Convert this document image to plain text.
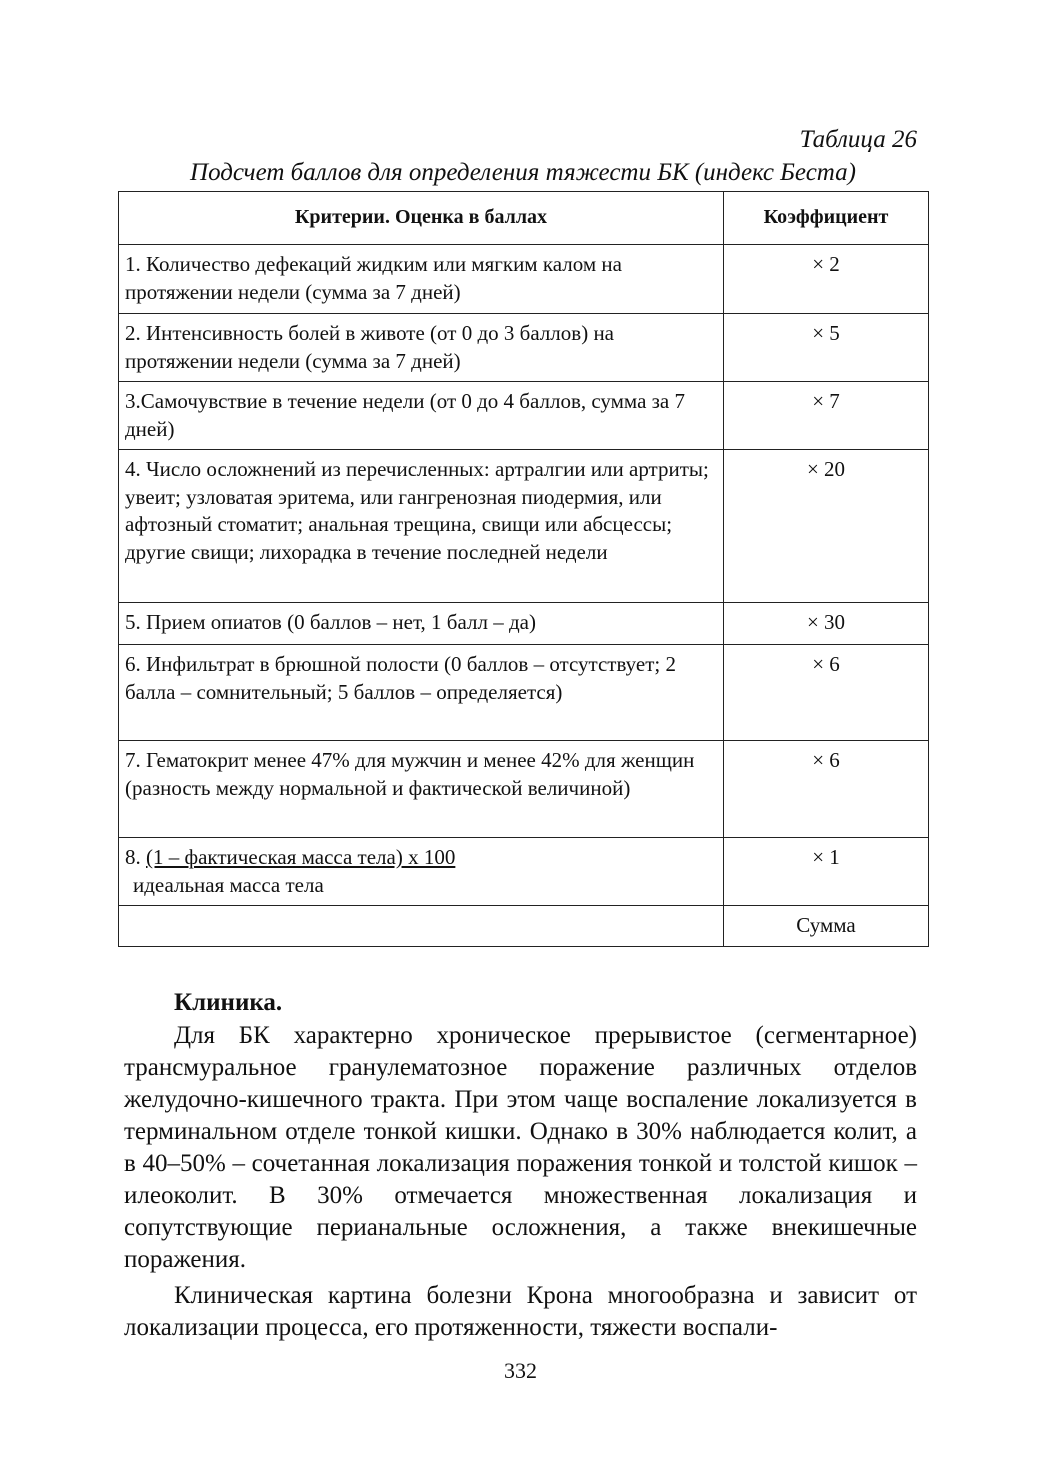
Таблица 26

Подсчет баллов для определения тяжести БК (индекс Беста)

Критерии. Оценка в баллах	Коэффициент
1. Количество дефекаций жидким или мягким калом на протяжении недели (сумма за 7 дней)	× 2
2. Интенсивность болей в животе (от 0 до 3 баллов) на протяжении недели (сумма за 7 дней)	× 5
3.Самочувствие в течение недели (от 0 до 4 баллов, сумма за 7 дней)	× 7
4. Число осложнений из перечисленных: артралгии или артриты; увеит; узловатая эритема, или гангренозная пиодермия, или афтозный стоматит; анальная трещина, свищи или абсцессы; другие свищи; лихорадка в течение последней недели	× 20
5. Прием опиатов (0 баллов – нет, 1 балл – да)	× 30
6. Инфильтрат в брюшной полости (0 баллов – отсутствует; 2 балла – сомнительный; 5 баллов – определяется)	× 6
7. Гематокрит менее 47% для мужчин и менее 42% для женщин (разность между нормальной и фактической величиной)	× 6
8. (1 – фактическая масса тела) x 100
идеальная масса тела	× 1
	Сумма

Клиника.

Для БК характерно хроническое прерывистое (сегментарное) трансмуральное гранулематозное поражение различных отделов желудочно-кишечного тракта. При этом чаще воспаление локализуется в терминальном отделе тонкой кишки. Однако в 30% наблюдается колит, а в 40–50% – сочетанная локализация поражения тонкой и толстой кишок – илеоколит. В 30% отмечается множественная локализация и сопутствующие перианальные осложнения, а также внекишечные поражения.

Клиническая картина болезни Крона многообразна и зависит от локализации процесса, его протяженности, тяжести воспали-

332
